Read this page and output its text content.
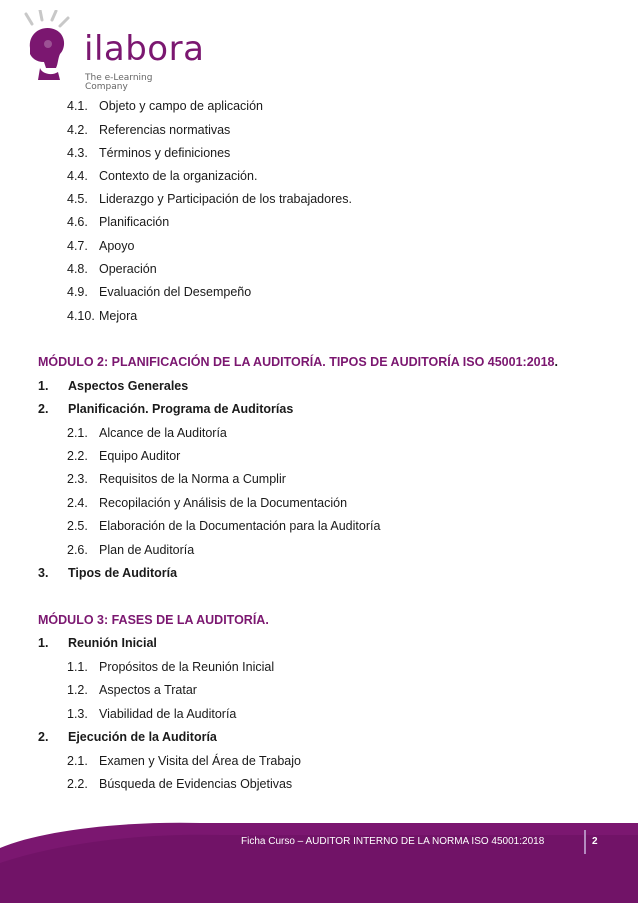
ilabora
The e-Learning Company
4.1. Objeto y campo de aplicación
4.2. Referencias normativas
4.3. Términos y definiciones
4.4. Contexto de la organización.
4.5. Liderazgo y Participación de los trabajadores.
4.6. Planificación
4.7. Apoyo
4.8. Operación
4.9. Evaluación del Desempeño
4.10. Mejora
MÓDULO 2: PLANIFICACIÓN DE LA AUDITORÍA. TIPOS DE AUDITORÍA ISO 45001:2018.
1. Aspectos Generales
2. Planificación. Programa de Auditorías
2.1. Alcance de la Auditoría
2.2. Equipo Auditor
2.3. Requisitos de la Norma a Cumplir
2.4. Recopilación y Análisis de la Documentación
2.5. Elaboración de la Documentación para la Auditoría
2.6. Plan de Auditoría
3. Tipos de Auditoría
MÓDULO 3: FASES DE LA AUDITORÍA.
1. Reunión Inicial
1.1. Propósitos de la Reunión Inicial
1.2. Aspectos a Tratar
1.3. Viabilidad de la Auditoría
2. Ejecución de la Auditoría
2.1. Examen y Visita del Área de Trabajo
2.2. Búsqueda de Evidencias Objetivas
Ficha Curso – AUDITOR INTERNO DE LA NORMA ISO 45001:2018	2
